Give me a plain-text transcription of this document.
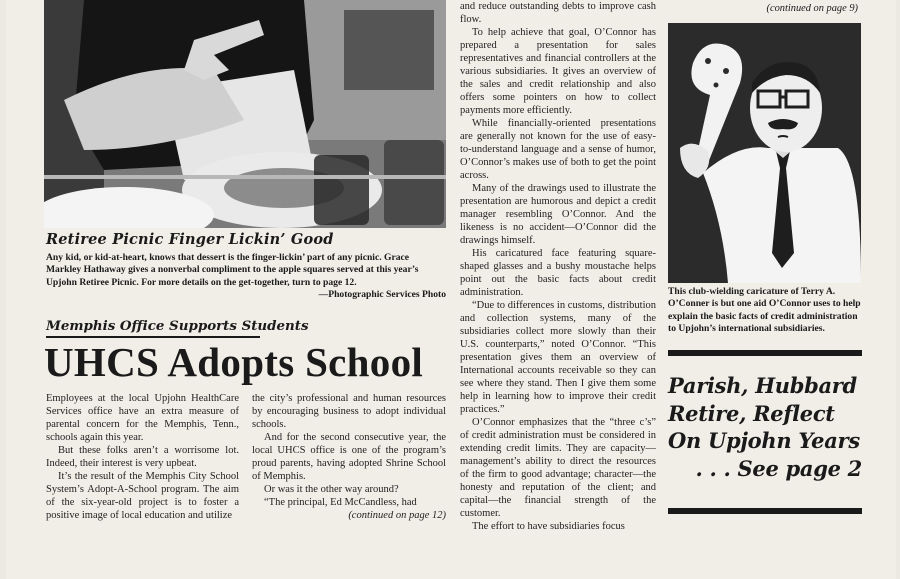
Retiree Picnic Finger Lickin’ Good

Any kid, or kid-at-heart, knows that dessert is the finger-lickin’ part of any picnic. Grace Markley Hathaway gives a nonverbal compliment to the apple squares served at this year’s Upjohn Retiree Picnic. For more details on the get-together, turn to page 12.
—Photographic Services Photo

Memphis Office Supports Students
UHCS Adopts School

Employees at the local Upjohn HealthCare Services office have an extra measure of parental concern for the Memphis, Tenn., schools again this year.

But these folks aren’t a worrisome lot. Indeed, their interest is very upbeat.

It’s the result of the Memphis City School System’s Adopt-A-School program. The aim of the six-year-old project is to foster a positive image of local education and utilize

the city’s professional and human resources by encouraging business to adopt individual schools.

And for the second consecutive year, the local UHCS office is one of the program’s proud parents, having adopted Shrine School of Memphis.

Or was it the other way around?

“The principal, Ed McCandless, had

(continued on page 12)

and reduce outstanding debts to improve cash flow.

To help achieve that goal, O’Connor has prepared a presentation for sales representatives and financial controllers at the various subsidiaries. It gives an overview of the sales and credit relationship and also offers some pointers on how to collect payments more efficiently.

While financially-oriented presentations are generally not known for the use of easy-to-understand language and a sense of humor, O’Connor’s makes use of both to get the point across.

Many of the drawings used to illustrate the presentation are humorous and depict a credit manager resembling O’Connor. And the likeness is no accident—O’Connor did the drawings himself.

His caricatured face featuring square-shaped glasses and a bushy moustache helps point out the basic facts about credit administration.

“Due to differences in customs, distribution and collection systems, many of the subsidiaries collect more slowly than their U.S. counterparts,” noted O’Connor. “This presentation gives them an overview of International accounts receivable so they can see where they stand. Then I give them some help in learning how to improve their credit practices.”

O’Connor emphasizes that the “three c’s” of credit administration must be considered in extending credit limits. They are capacity—management’s ability to direct the resources of the firm to good advantage; character—the honesty and reputation of the client; and capital—the financial strength of the customer.

The effort to have subsidiaries focus

(continued on page 9)

This club-wielding caricature of Terry A. O’Conner is but one aid O’Connor uses to help explain the basic facts of credit administration to Upjohn’s international subsidiaries.

Parish, Hubbard
Retire, Reflect
On Upjohn Years
. . . See page 2
